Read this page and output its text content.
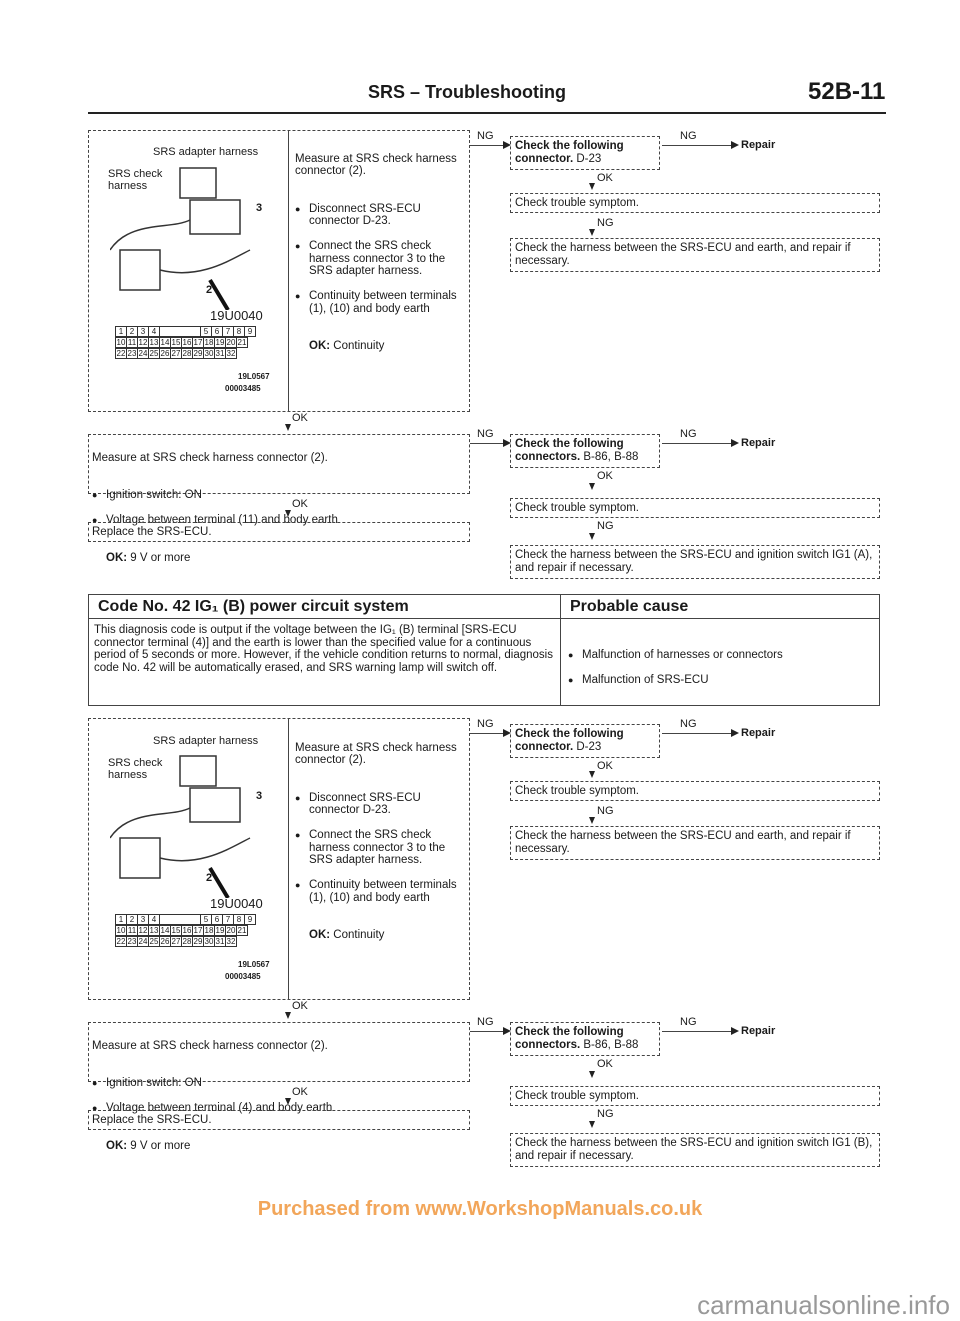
SRS – Troubleshooting	52B-11
SRS adapter harness
SRS check harness
3
2
19U0040
1	2	3	4		5	6	7	8	9
10	11	12	13	14	15	16	17	18	19	20	21
22	23	24	25	26	27	28	29	30	31	32
19L0567
00003485

Measure at SRS check harness connector (2).

● Disconnect SRS-ECU connector D-23.

● Connect the SRS check harness connector 3 to the SRS adapter harness.

● Continuity between terminals (1), (10) and body earth

OK: Continuity

NG
Check the following connector. D-23
NG
Repair
OK
Check trouble symptom.
NG
Check the harness between the SRS-ECU and earth, and repair if necessary.
OK

Measure at SRS check harness connector (2).

● Ignition switch: ON

● Voltage between terminal (11) and body earth

OK: 9 V or more

NG
Check the following connectors. B-86, B-88
NG
Repair
OK
Check trouble symptom.
OK
Replace the SRS-ECU.	NG
Check the harness between the SRS-ECU and ignition switch IG1 (A), and repair if necessary.
Code No. 42 IG₁ (B) power circuit system	Probable cause
This diagnosis code is output if the voltage between the IG₁ (B) terminal [SRS-ECU connector terminal (4)] and the earth is lower than the specified value for a continuous period of 5 seconds or more. However, if the vehicle condition returns to normal, diagnosis code No. 42 will be automatically erased, and SRS warning lamp will switch off.

● Malfunction of harnesses or connectors

● Malfunction of SRS-ECU

SRS adapter harness
SRS check harness
3
2
19U0040
1	2	3	4		5	6	7	8	9
10	11	12	13	14	15	16	17	18	19	20	21
22	23	24	25	26	27	28	29	30	31	32
19L0567
00003485

Measure at SRS check harness connector (2).

● Disconnect SRS-ECU connector D-23.

● Connect the SRS check harness connector 3 to the SRS adapter harness.

● Continuity between terminals (1), (10) and body earth

OK: Continuity

NG
Check the following connector. D-23
NG
Repair
OK
Check trouble symptom.
NG
Check the harness between the SRS-ECU and earth, and repair if necessary.
OK

Measure at SRS check harness connector (2).

● Ignition switch: ON

● Voltage between terminal (4) and body earth

OK: 9 V or more

NG
Check the following connectors. B-86, B-88
NG
Repair
OK
Check trouble symptom.
OK
Replace the SRS-ECU.	NG
Check the harness between the SRS-ECU and ignition switch IG1 (B), and repair if necessary.
Purchased from www.WorkshopManuals.co.uk
carmanualsonline.info
